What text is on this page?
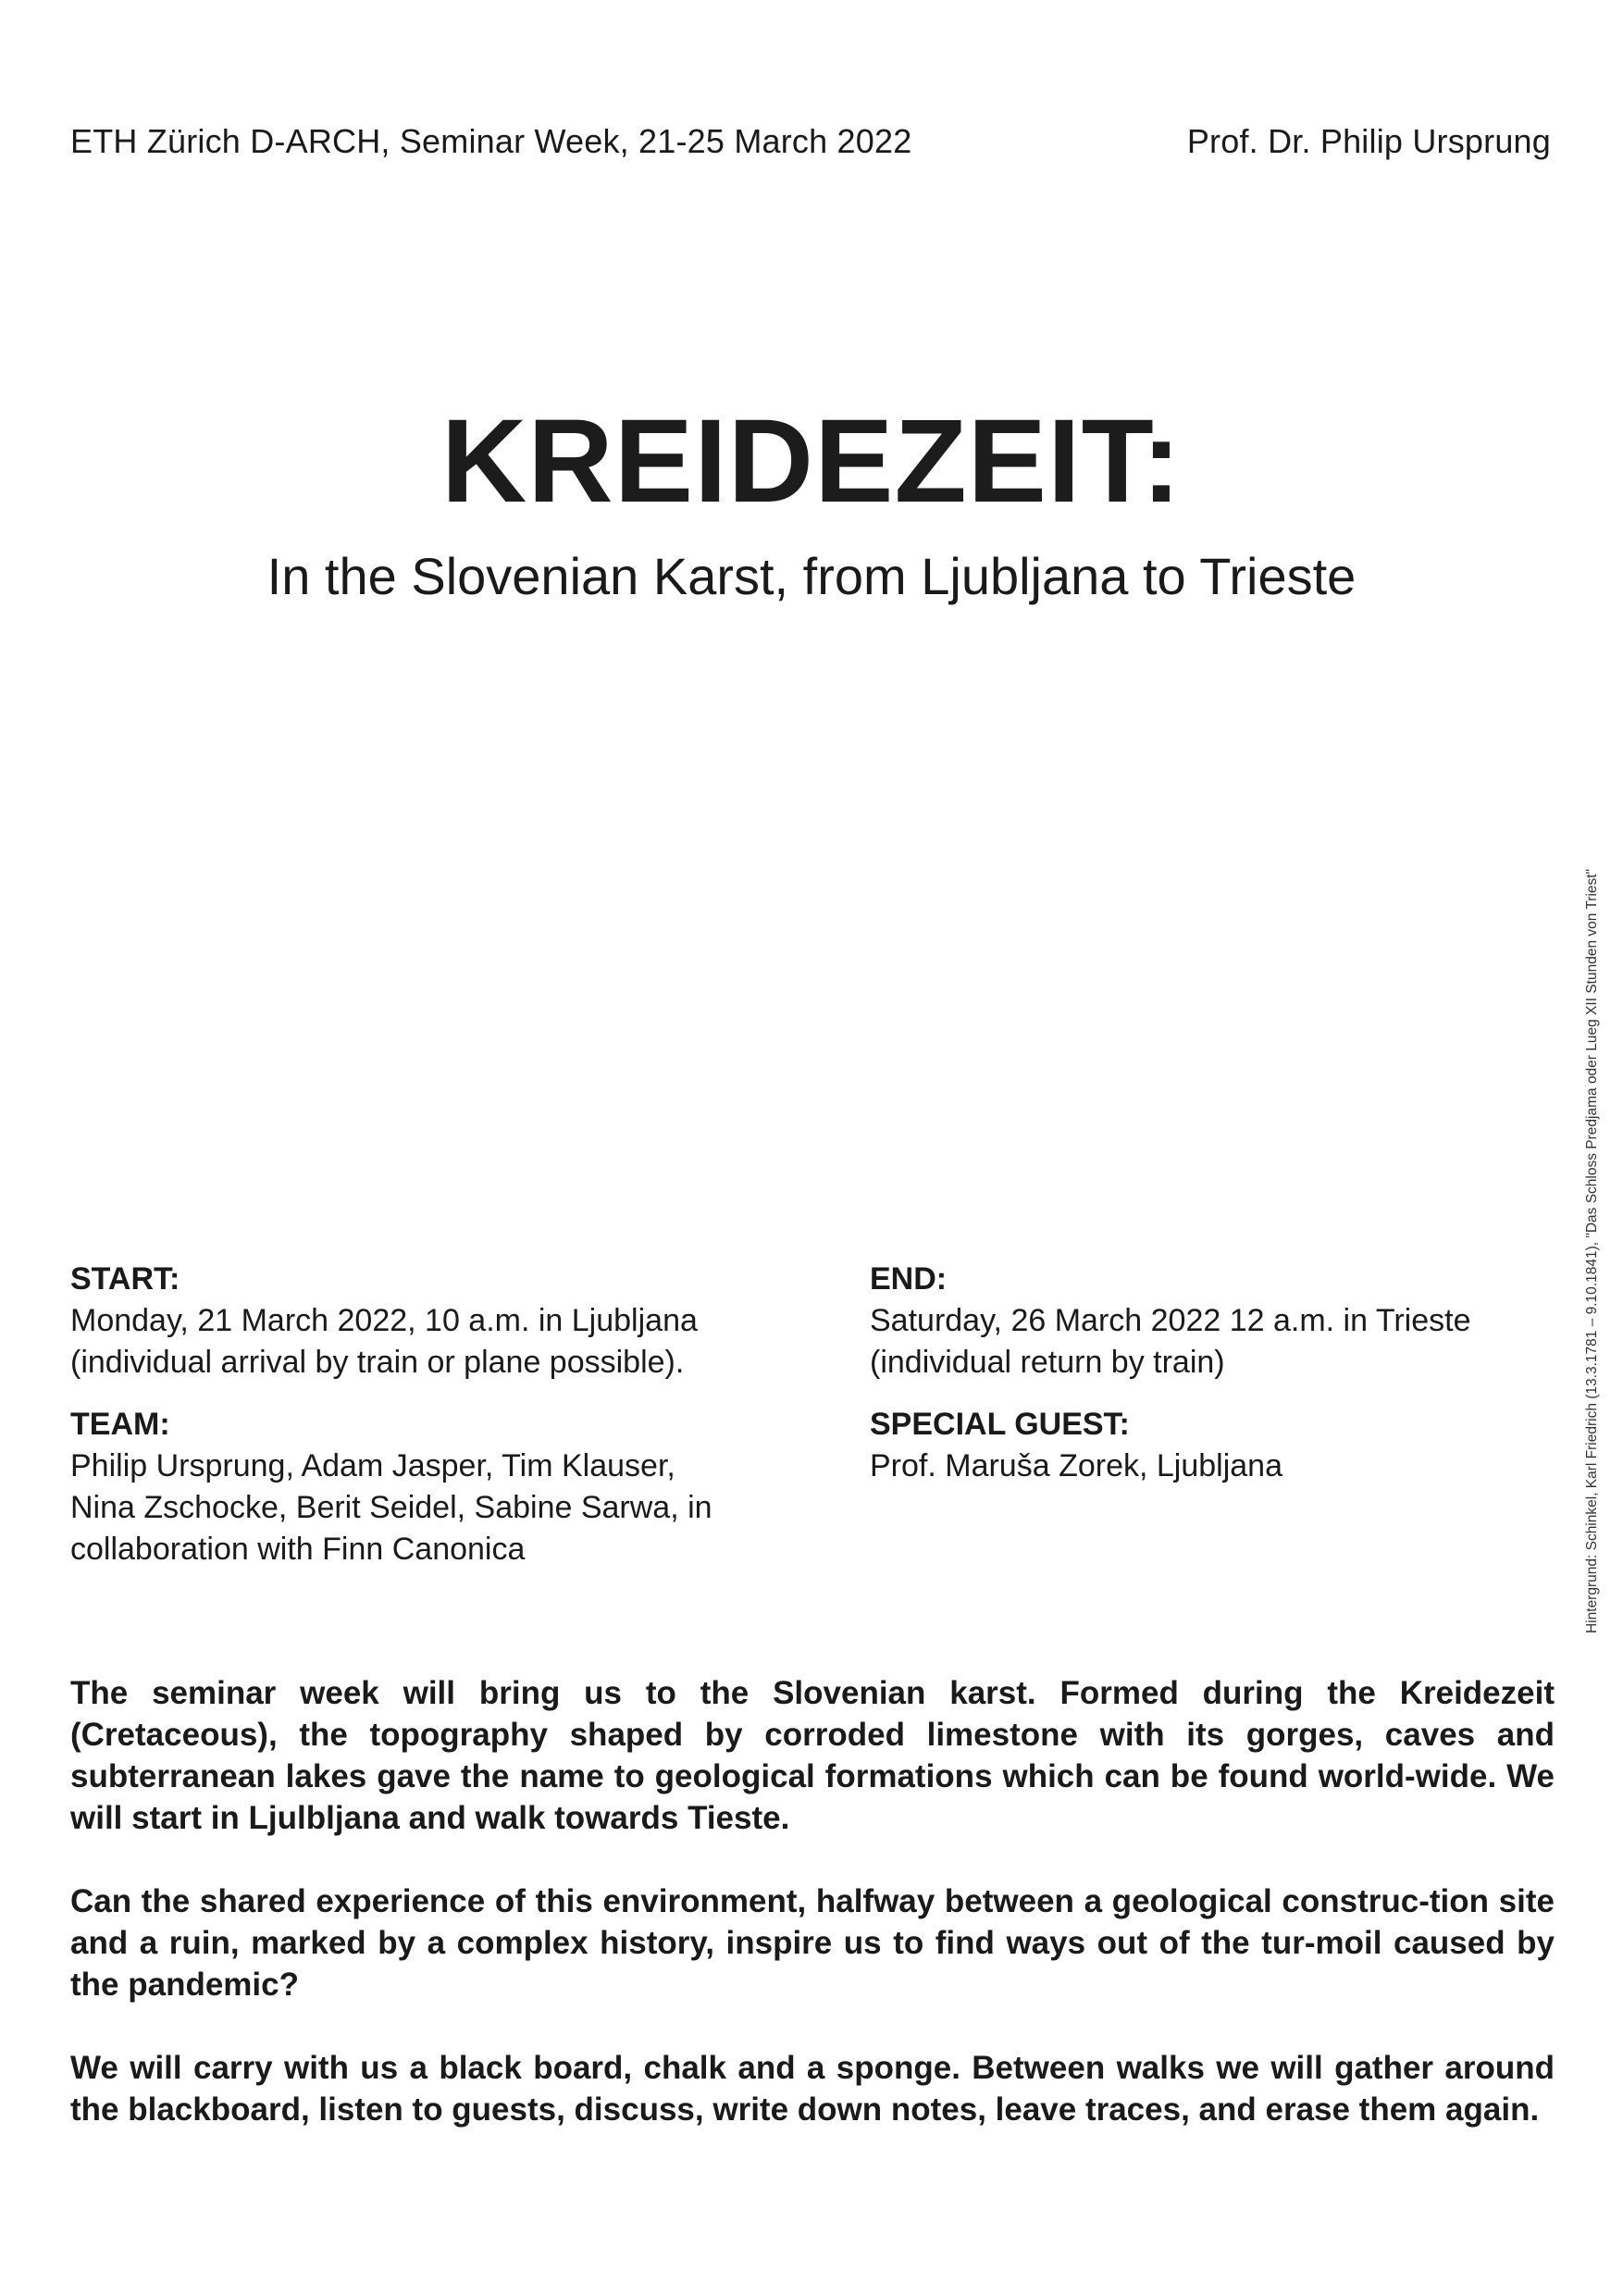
ETH Zürich D-ARCH, Seminar Week, 21-25 March 2022	Prof. Dr. Philip Ursprung
KREIDEZEIT:
In the Slovenian Karst, from Ljubljana to Trieste
Hintergrund: Schinkel, Karl Friedrich (13.3.1781 – 9.10.1841), "Das Schloss Predjama oder Lueg XII Stunden von Triest"

START:

Monday, 21 March 2022, 10 a.m. in Ljubljana (individual arrival by train or plane possible).

TEAM:

Philip Ursprung, Adam Jasper, Tim Klauser, Nina Zschocke, Berit Seidel, Sabine Sarwa, in collaboration with Finn Canonica

END:

Saturday, 26 March 2022 12 a.m. in Trieste (individual return by train)

SPECIAL GUEST:

Prof. Maruša Zorek, Ljubljana

The seminar week will bring us to the Slovenian karst. Formed during the Kreidezeit (Cretaceous), the topography shaped by corroded limestone with its gorges, caves and subterranean lakes gave the name to geological formations which can be found world-wide. We will start in Ljulbljana and walk towards Tieste.

Can the shared experience of this environment, halfway between a geological construc-tion site and a ruin, marked by a complex history, inspire us to find ways out of the tur-moil caused by the pandemic?

We will carry with us a black board, chalk and a sponge. Between walks we will gather around the blackboard, listen to guests, discuss, write down notes, leave traces, and erase them again.
